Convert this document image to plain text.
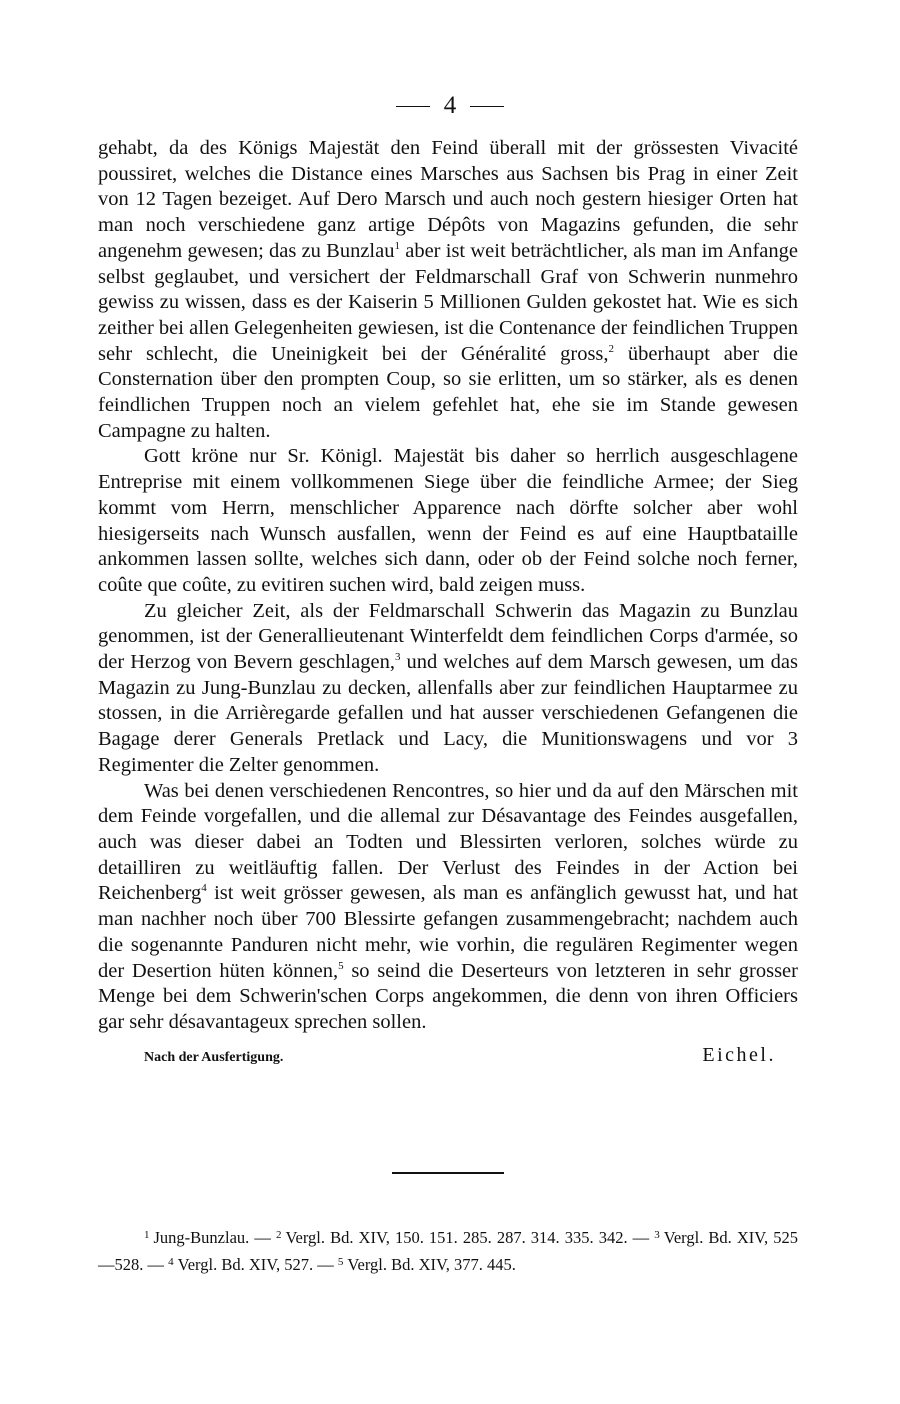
4

gehabt, da des Königs Majestät den Feind überall mit der grössesten Vivacité poussiret, welches die Distance eines Marsches aus Sachsen bis Prag in einer Zeit von 12 Tagen bezeiget. Auf Dero Marsch und auch noch gestern hiesiger Orten hat man noch verschiedene ganz artige Dépôts von Magazins gefunden, die sehr angenehm gewesen; das zu Bunzlau$^1$ aber ist weit beträchtlicher, als man im Anfange selbst geglaubet, und versichert der Feldmarschall Graf von Schwerin nunmehro gewiss zu wissen, dass es der Kaiserin 5 Millionen Gulden gekostet hat. Wie es sich zeither bei allen Gelegenheiten gewiesen, ist die Contenance der feindlichen Truppen sehr schlecht, die Uneinigkeit bei der Généralité gross,$^2$ überhaupt aber die Consternation über den prompten Coup, so sie erlitten, um so stärker, als es denen feindlichen Truppen noch an vielem gefehlet hat, ehe sie im Stande gewesen Campagne zu halten.

Gott kröne nur Sr. Königl. Majestät bis daher so herrlich ausgeschlagene Entreprise mit einem vollkommenen Siege über die feindliche Armee; der Sieg kommt vom Herrn, menschlicher Apparence nach dörfte solcher aber wohl hiesigerseits nach Wunsch ausfallen, wenn der Feind es auf eine Hauptbataille ankommen lassen sollte, welches sich dann, oder ob der Feind solche noch ferner, coûte que coûte, zu evitiren suchen wird, bald zeigen muss.

Zu gleicher Zeit, als der Feldmarschall Schwerin das Magazin zu Bunzlau genommen, ist der Generallieutenant Winterfeldt dem feindlichen Corps d'armée, so der Herzog von Bevern geschlagen,$^3$ und welches auf dem Marsch gewesen, um das Magazin zu Jung-Bunzlau zu decken, allenfalls aber zur feindlichen Hauptarmee zu stossen, in die Arrièregarde gefallen und hat ausser verschiedenen Gefangenen die Bagage derer Generals Pretlack und Lacy, die Munitionswagens und vor 3 Regimenter die Zelter genommen.

Was bei denen verschiedenen Rencontres, so hier und da auf den Märschen mit dem Feinde vorgefallen, und die allemal zur Désavantage des Feindes ausgefallen, auch was dieser dabei an Todten und Blessirten verloren, solches würde zu detailliren zu weitläuftig fallen. Der Verlust des Feindes in der Action bei Reichenberg$^4$ ist weit grösser gewesen, als man es anfänglich gewusst hat, und hat man nachher noch über 700 Blessirte gefangen zusammengebracht; nachdem auch die sogenannte Panduren nicht mehr, wie vorhin, die regulären Regimenter wegen der Desertion hüten können,$^5$ so seind die Deserteurs von letzteren in sehr grosser Menge bei dem Schwerin'schen Corps angekommen, die denn von ihren Officiers gar sehr désavantageux sprechen sollen.

Nach der Ausfertigung.	Eichel.
$^1$ Jung-Bunzlau. — $^2$ Vergl. Bd. XIV, 150. 151. 285. 287. 314. 335. 342. — $^3$ Vergl. Bd. XIV, 525—528. — $^4$ Vergl. Bd. XIV, 527. — $^5$ Vergl. Bd. XIV, 377. 445.
